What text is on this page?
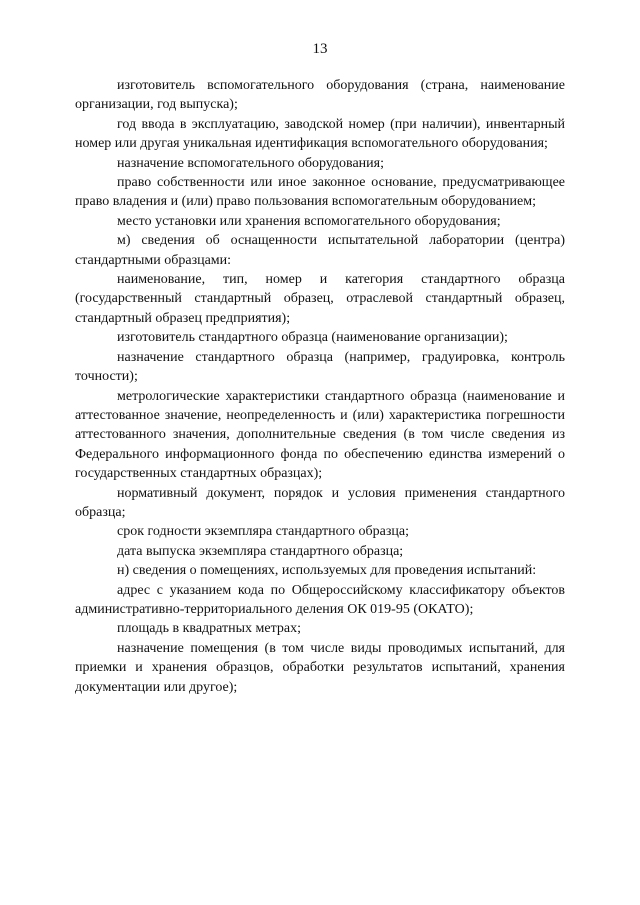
13

изготовитель вспомогательного оборудования (страна, наименование организации, год выпуска);

год ввода в эксплуатацию, заводской номер (при наличии), инвентарный номер или другая уникальная идентификация вспомогательного оборудования;

назначение вспомогательного оборудования;

право собственности или иное законное основание, предусматривающее право владения и (или) право пользования вспомогательным оборудованием;

место установки или хранения вспомогательного оборудования;

м) сведения об оснащенности испытательной лаборатории (центра) стандартными образцами:

наименование, тип, номер и категория стандартного образца (государственный стандартный образец, отраслевой стандартный образец, стандартный образец предприятия);

изготовитель стандартного образца (наименование организации);

назначение стандартного образца (например, градуировка, контроль точности);

метрологические характеристики стандартного образца (наименование и аттестованное значение, неопределенность и (или) характеристика погрешности аттестованного значения, дополнительные сведения (в том числе сведения из Федерального информационного фонда по обеспечению единства измерений о государственных стандартных образцах);

нормативный документ, порядок и условия применения стандартного образца;

срок годности экземпляра стандартного образца;

дата выпуска экземпляра стандартного образца;

н) сведения о помещениях, используемых для проведения испытаний:

адрес с указанием кода по Общероссийскому классификатору объектов административно-территориального деления ОК 019-95 (ОКАТО);

площадь в квадратных метрах;

назначение помещения (в том числе виды проводимых испытаний, для приемки и хранения образцов, обработки результатов испытаний, хранения документации или другое);
